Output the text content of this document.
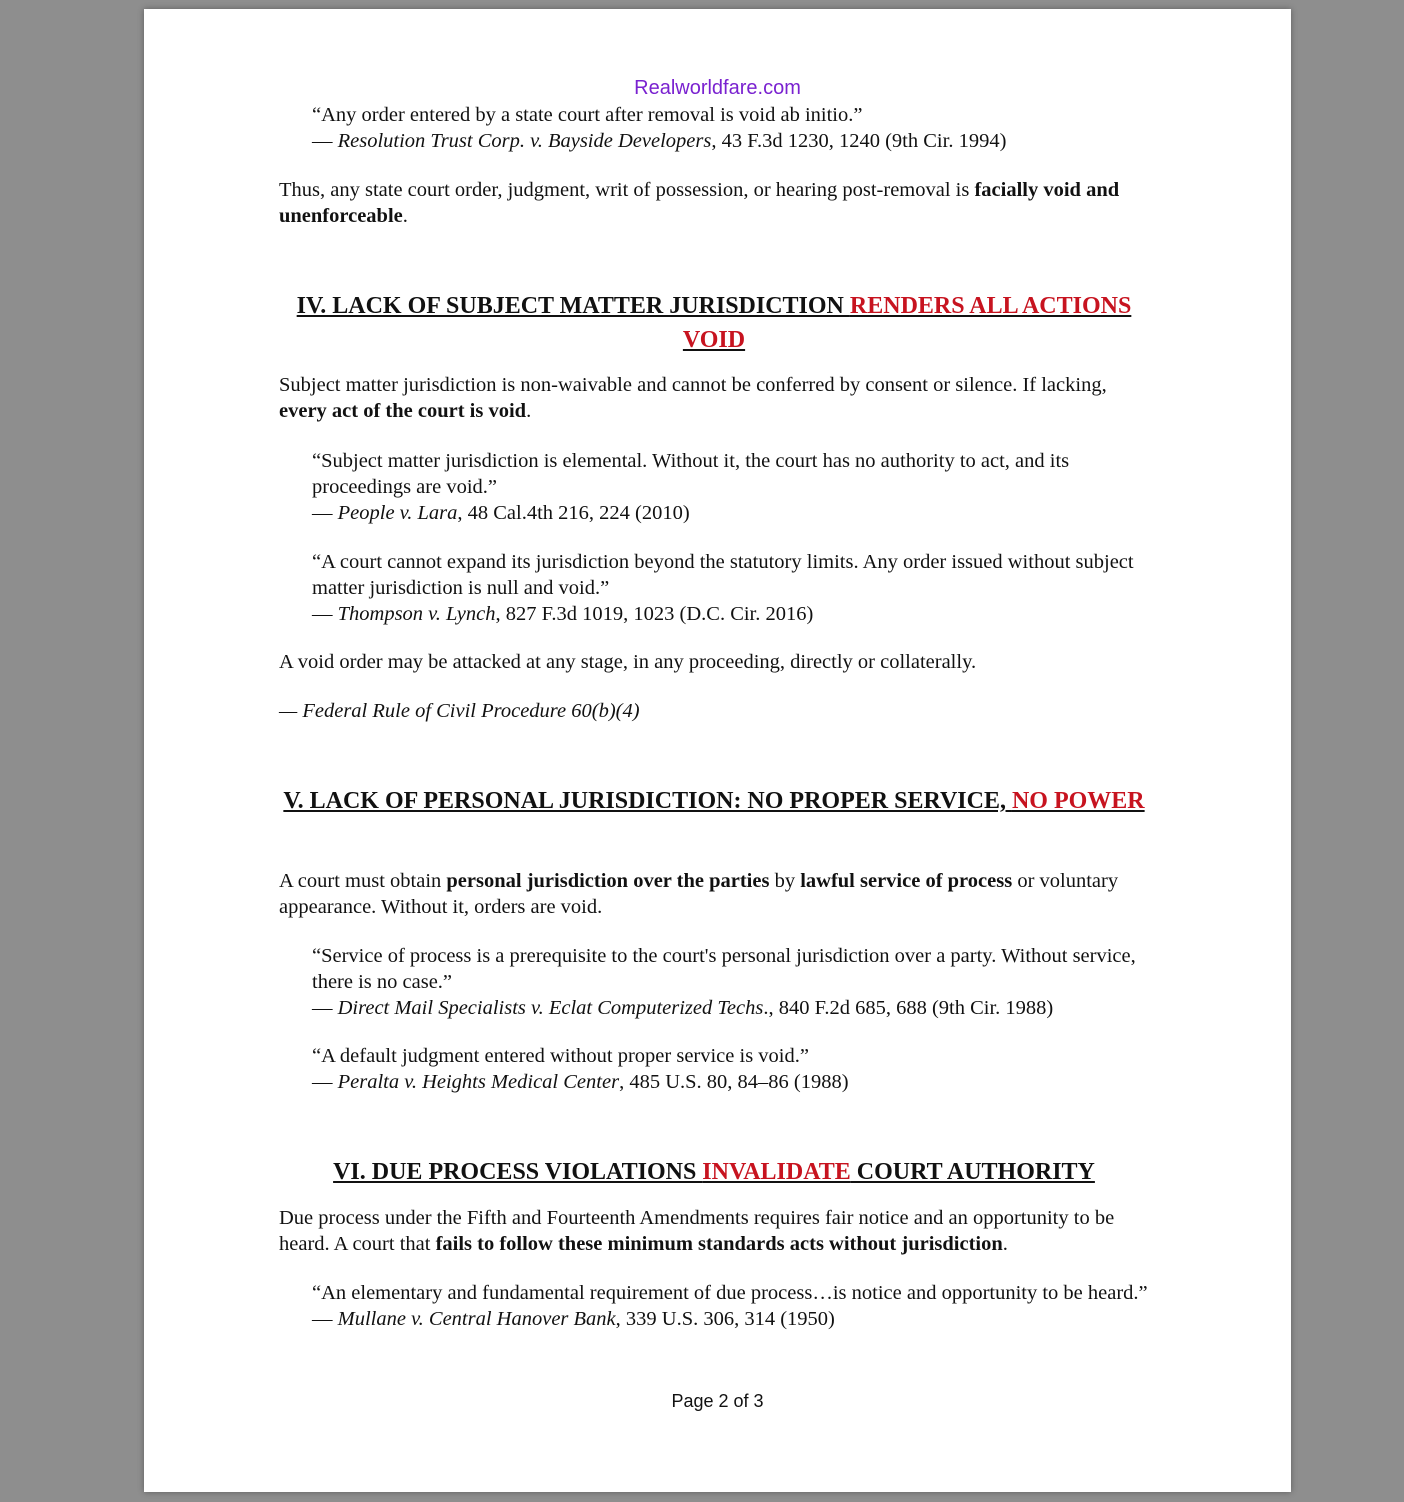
Realworldfare.com

“Any order entered by a state court after removal is void ab initio.”

— Resolution Trust Corp. v. Bayside Developers, 43 F.3d 1230, 1240 (9th Cir. 1994)

Thus, any state court order, judgment, writ of possession, or hearing post-removal is facially void and unenforceable.

IV. LACK OF SUBJECT MATTER JURISDICTION RENDERS ALL ACTIONS VOID

Subject matter jurisdiction is non-waivable and cannot be conferred by consent or silence. If lacking, every act of the court is void.

“Subject matter jurisdiction is elemental. Without it, the court has no authority to act, and its proceedings are void.”

— People v. Lara, 48 Cal.4th 216, 224 (2010)

“A court cannot expand its jurisdiction beyond the statutory limits. Any order issued without subject matter jurisdiction is null and void.”

— Thompson v. Lynch, 827 F.3d 1019, 1023 (D.C. Cir. 2016)

A void order may be attacked at any stage, in any proceeding, directly or collaterally.

— Federal Rule of Civil Procedure 60(b)(4)

V. LACK OF PERSONAL JURISDICTION: NO PROPER SERVICE, NO POWER

A court must obtain personal jurisdiction over the parties by lawful service of process or voluntary appearance. Without it, orders are void.

“Service of process is a prerequisite to the court's personal jurisdiction over a party. Without service, there is no case.”

— Direct Mail Specialists v. Eclat Computerized Techs., 840 F.2d 685, 688 (9th Cir. 1988)

“A default judgment entered without proper service is void.”

— Peralta v. Heights Medical Center, 485 U.S. 80, 84–86 (1988)

VI. DUE PROCESS VIOLATIONS INVALIDATE COURT AUTHORITY

Due process under the Fifth and Fourteenth Amendments requires fair notice and an opportunity to be heard. A court that fails to follow these minimum standards acts without jurisdiction.

“An elementary and fundamental requirement of due process…is notice and opportunity to be heard.”

— Mullane v. Central Hanover Bank, 339 U.S. 306, 314 (1950)

Page 2 of 3
